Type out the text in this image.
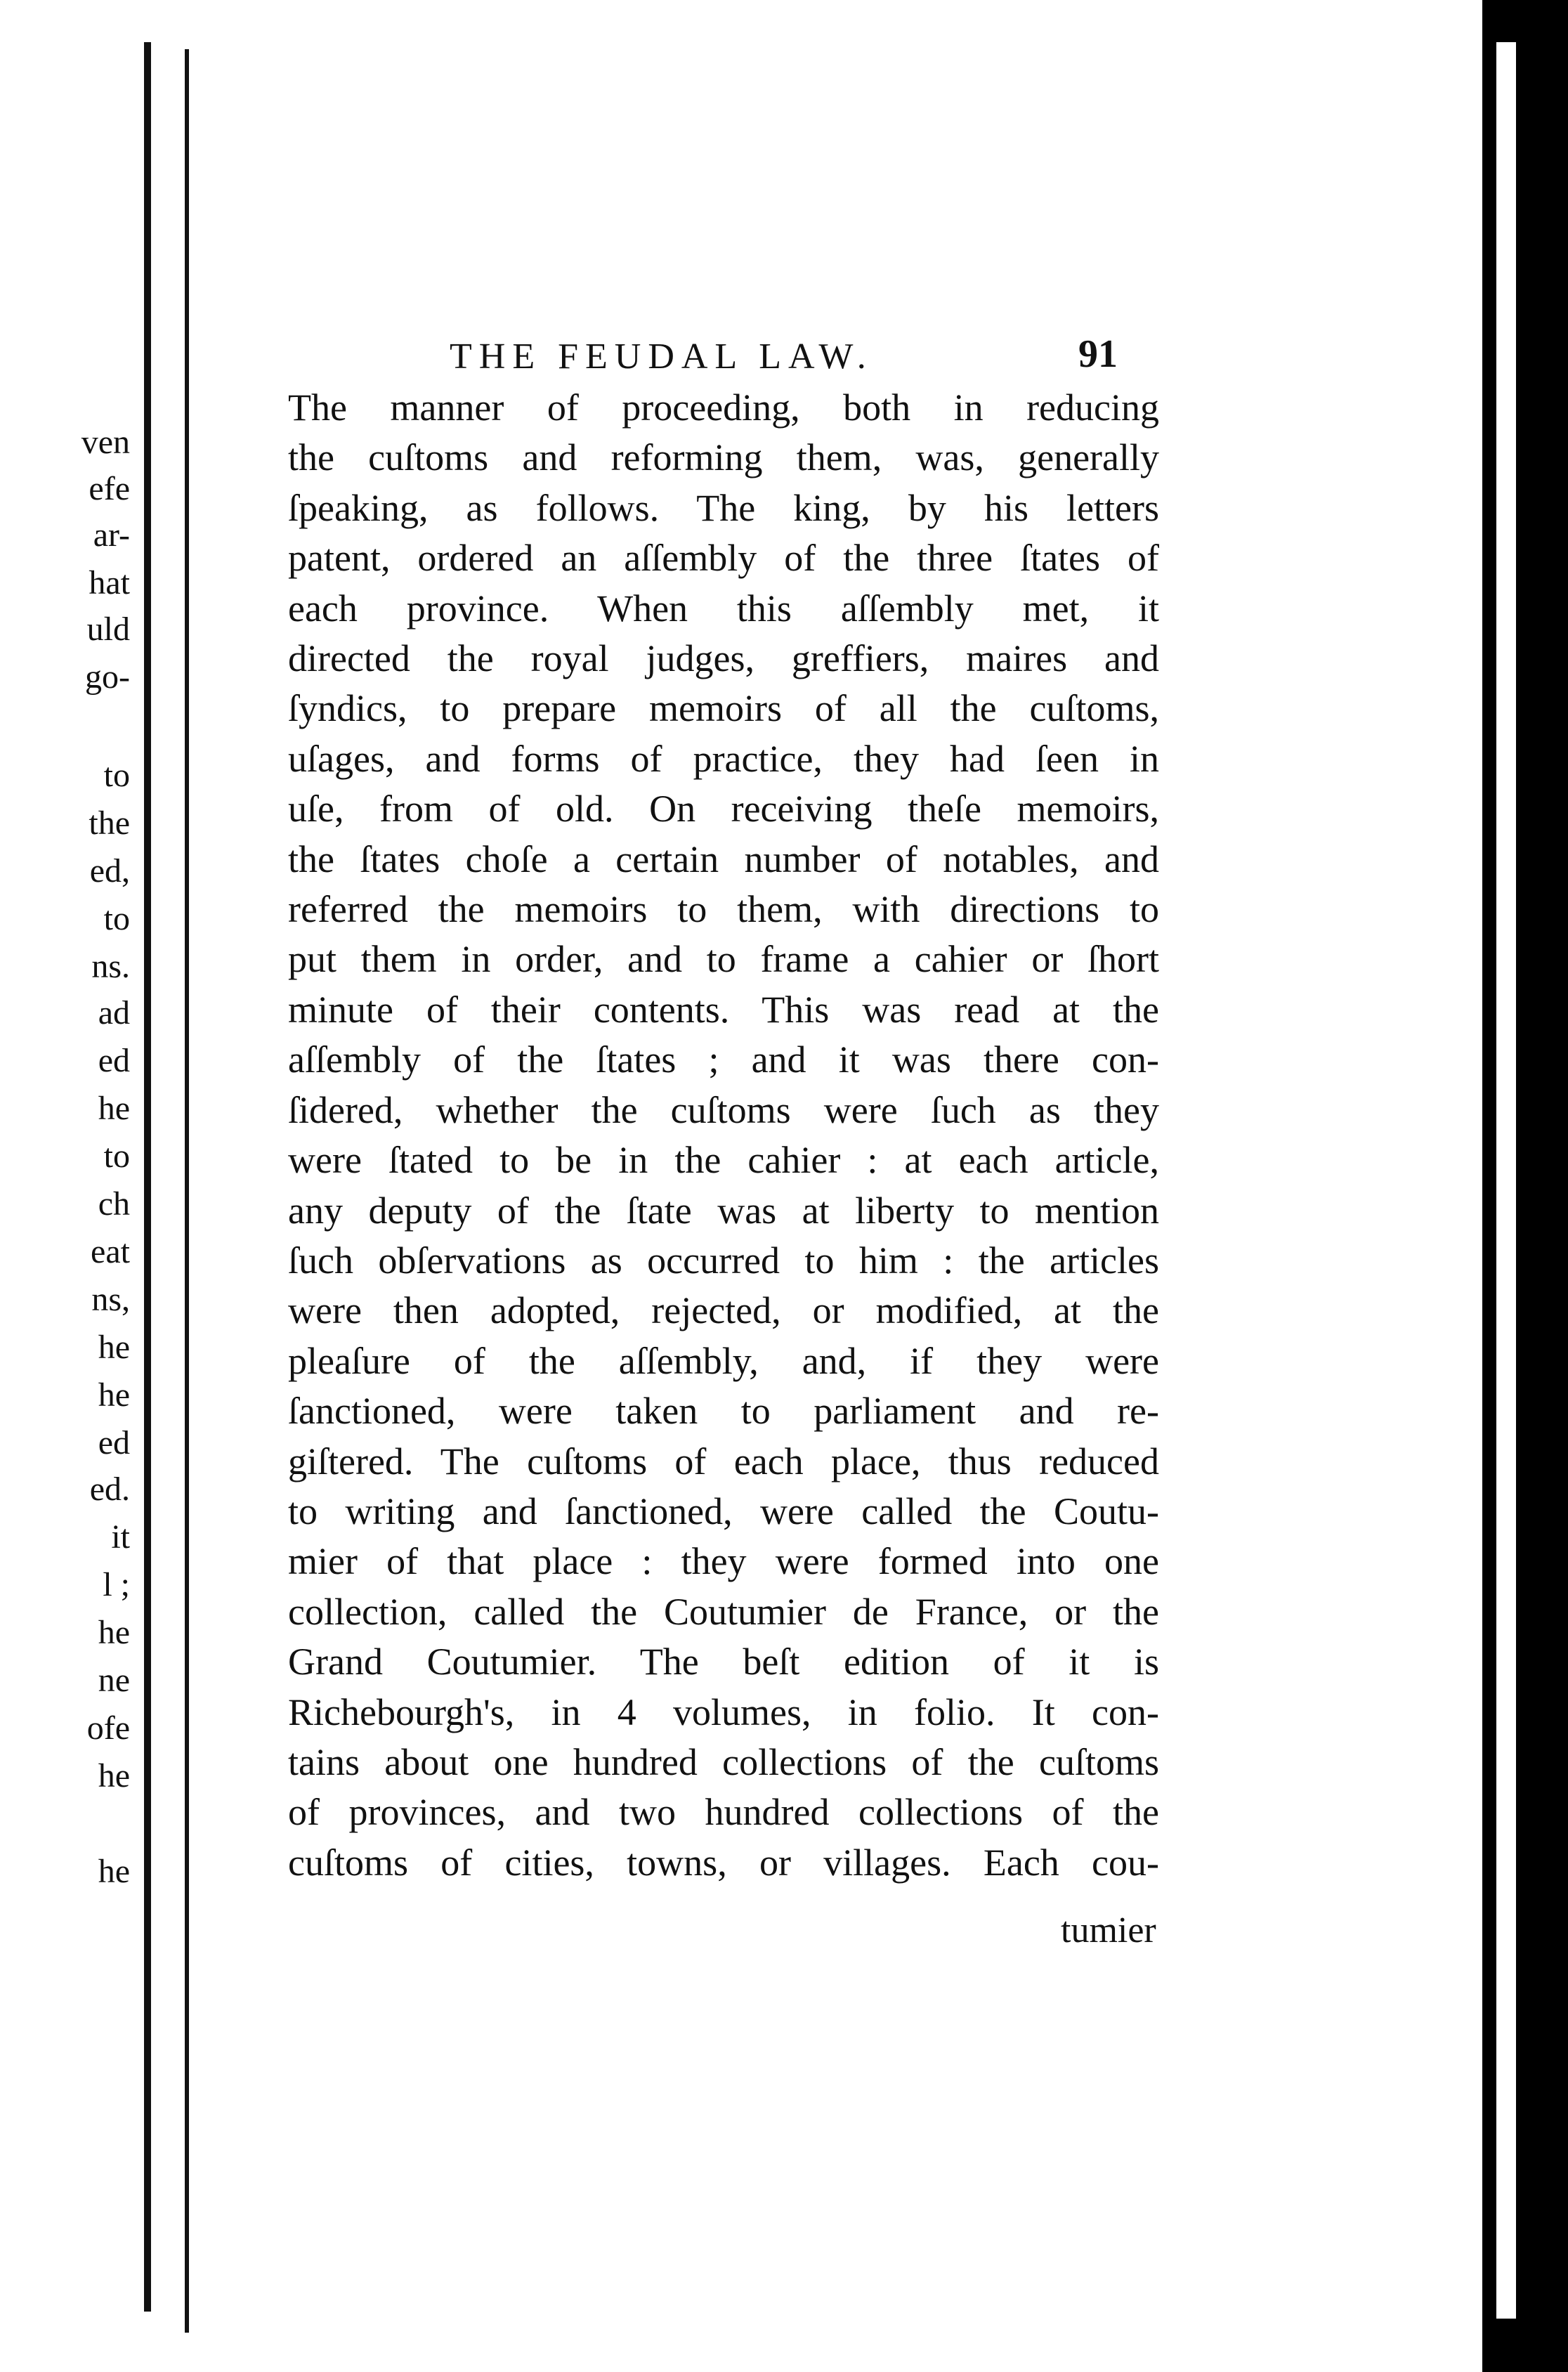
ven
efe
ar-
hat
uld
go-
to
the
ed,
to
ns.
ad
ed
he
to
ch
eat
ns,
he
he
ed
ed.
it
l ;
he
ne
ofe
he
he
THE FEUDAL LAW.	91
The manner of proceeding, both in reducing
the cuſtoms and reforming them, was, generally
ſpeaking, as follows. The king, by his letters
patent, ordered an aſſembly of the three ſtates of
each province. When this aſſembly met, it
directed the royal judges, greffiers, maires and
ſyndics, to prepare memoirs of all the cuſtoms,
uſages, and forms of practice, they had ſeen in
uſe, from of old. On receiving theſe memoirs,
the ſtates choſe a certain number of notables, and
referred the memoirs to them, with directions to
put them in order, and to frame a cahier or ſhort
minute of their contents. This was read at the
aſſembly of the ſtates ; and it was there con-
ſidered, whether the cuſtoms were ſuch as they
were ſtated to be in the cahier : at each article,
any deputy of the ſtate was at liberty to mention
ſuch obſervations as occurred to him : the articles
were then adopted, rejected, or modified, at the
pleaſure of the aſſembly, and, if they were
ſanctioned, were taken to parliament and re-
giſtered. The cuſtoms of each place, thus reduced
to writing and ſanctioned, were called the Coutu-
mier of that place : they were formed into one
collection, called the Coutumier de France, or the
Grand Coutumier. The beſt edition of it is
Richebourgh's, in 4 volumes, in folio. It con-
tains about one hundred collections of the cuſtoms
of provinces, and two hundred collections of the
cuſtoms of cities, towns, or villages. Each cou-
tumier
